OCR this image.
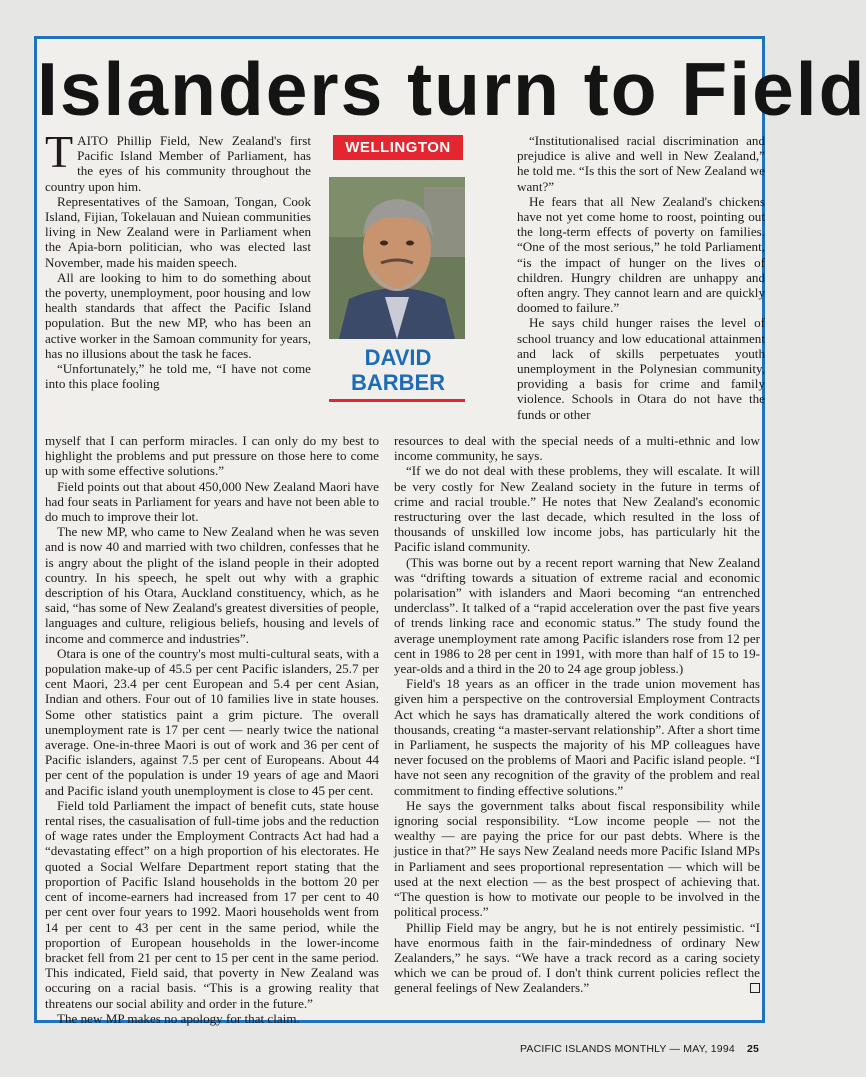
Islanders turn to Field

TAITO Phillip Field, New Zealand's first Pacific Island Member of Parliament, has the eyes of his community throughout the country upon him.

Representatives of the Samoan, Tongan, Cook Island, Fijian, Tokelauan and Nuiean communities living in New Zealand were in Parliament when the Apia-born politician, who was elected last November, made his maiden speech.

All are looking to him to do something about the poverty, unemployment, poor housing and low health standards that affect the Pacific Island population. But the new MP, who has been an active worker in the Samoan community for years, has no illusions about the task he faces.

“Unfortunately,” he told me, “I have not come into this place fooling

WELLINGTON
DAVID
BARBER

“Institutionalised racial discrimination and prejudice is alive and well in New Zealand,” he told me. “Is this the sort of New Zealand we want?”

He fears that all New Zealand's chickens have not yet come home to roost, pointing out the long-term effects of poverty on families. “One of the most serious,” he told Parliament, “is the impact of hunger on the lives of children. Hungry children are unhappy and often angry. They cannot learn and are quickly doomed to failure.”

He says child hunger raises the level of school truancy and low educational attainment and lack of skills perpetuates youth unemployment in the Polynesian community, providing a basis for crime and family violence. Schools in Otara do not have the funds or other

myself that I can perform miracles. I can only do my best to highlight the problems and put pressure on those here to come up with some effective solutions.”

Field points out that about 450,000 New Zealand Maori have had four seats in Parliament for years and have not been able to do much to improve their lot.

The new MP, who came to New Zealand when he was seven and is now 40 and married with two children, confesses that he is angry about the plight of the island people in their adopted country. In his speech, he spelt out why with a graphic description of his Otara, Auckland constituency, which, as he said, “has some of New Zealand's greatest diversities of people, languages and culture, religious beliefs, housing and levels of income and commerce and industries”.

Otara is one of the country's most multi-cultural seats, with a population make-up of 45.5 per cent Pacific islanders, 25.7 per cent Maori, 23.4 per cent European and 5.4 per cent Asian, Indian and others. Four out of 10 families live in state houses. Some other statistics paint a grim picture. The overall unemployment rate is 17 per cent — nearly twice the national average. One-in-three Maori is out of work and 36 per cent of Pacific islanders, against 7.5 per cent of Europeans. About 44 per cent of the population is under 19 years of age and Maori and Pacific island youth unemployment is close to 45 per cent.

Field told Parliament the impact of benefit cuts, state house rental rises, the casualisation of full-time jobs and the reduction of wage rates under the Employment Contracts Act had had a “devastating effect” on a high proportion of his electorates. He quoted a Social Welfare Department report stating that the proportion of Pacific Island households in the bottom 20 per cent of income-earners had increased from 17 per cent to 40 per cent over four years to 1992. Maori households went from 14 per cent to 43 per cent in the same period, while the proportion of European households in the lower-income bracket fell from 21 per cent to 15 per cent in the same period. This indicated, Field said, that poverty in New Zealand was occuring on a racial basis. “This is a growing reality that threatens our social ability and order in the future.”

The new MP makes no apology for that claim.

resources to deal with the special needs of a multi-ethnic and low income community, he says.

“If we do not deal with these problems, they will escalate. It will be very costly for New Zealand society in the future in terms of crime and racial trouble.” He notes that New Zealand's economic restructuring over the last decade, which resulted in the loss of thousands of unskilled low income jobs, has particularly hit the Pacific island community.

(This was borne out by a recent report warning that New Zealand was “drifting towards a situation of extreme racial and economic polarisation” with islanders and Maori becoming “an entrenched underclass”. It talked of a “rapid acceleration over the past five years of trends linking race and economic status.” The study found the average unemployment rate among Pacific islanders rose from 12 per cent in 1986 to 28 per cent in 1991, with more than half of 15 to 19-year-olds and a third in the 20 to 24 age group jobless.)

Field's 18 years as an officer in the trade union movement has given him a perspective on the controversial Employment Contracts Act which he says has dramatically altered the work conditions of thousands, creating “a master-servant relationship”. After a short time in Parliament, he suspects the majority of his MP colleagues have never focused on the problems of Maori and Pacific island people. “I have not seen any recognition of the gravity of the problem and real commitment to finding effective solutions.”

He says the government talks about fiscal responsibility while ignoring social responsibility. “Low income people — not the wealthy — are paying the price for our past debts. Where is the justice in that?” He says New Zealand needs more Pacific Island MPs in Parliament and sees proportional representation — which will be used at the next election — as the best prospect of achieving that. “The question is how to motivate our people to be involved in the political process.”

Phillip Field may be angry, but he is not entirely pessimistic. “I have enormous faith in the fair-mindedness of ordinary New Zealanders,” he says. “We have a track record as a caring society which we can be proud of. I don't think current policies reflect the general feelings of New Zealanders.”

PACIFIC ISLANDS MONTHLY — MAY, 1994 25
